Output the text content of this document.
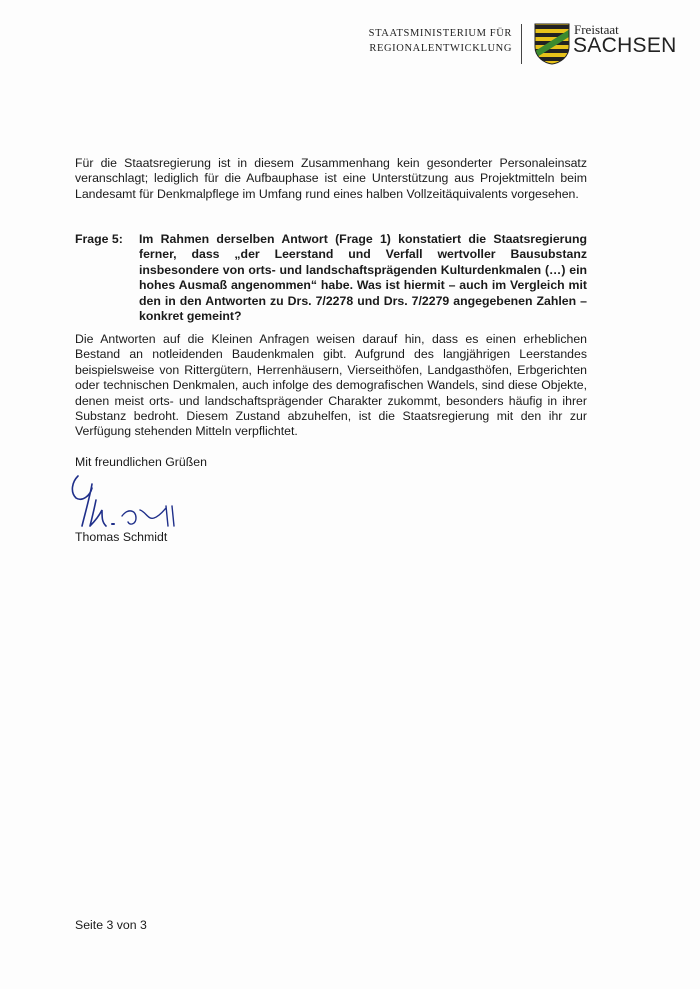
STAATSMINISTERIUM FÜR
REGIONALENTWICKLUNG
Freistaat
SACHSEN
Für die Staatsregierung ist in diesem Zusammenhang kein gesonderter Personaleinsatz veranschlagt; lediglich für die Aufbauphase ist eine Unterstützung aus Projektmitteln beim Landesamt für Denkmalpflege im Umfang rund eines halben Vollzeitäquivalents vorgesehen.
Frage 5: Im Rahmen derselben Antwort (Frage 1) konstatiert die Staatsregierung ferner, dass „der Leerstand und Verfall wertvoller Bausubstanz insbesondere von orts- und landschaftsprägenden Kulturdenkmalen (…) ein hohes Ausmaß angenommen“ habe. Was ist hiermit – auch im Vergleich mit den in den Antworten zu Drs. 7/2278 und Drs. 7/2279 angegebenen Zahlen – konkret gemeint?
Die Antworten auf die Kleinen Anfragen weisen darauf hin, dass es einen erheblichen Bestand an notleidenden Baudenkmalen gibt. Aufgrund des langjährigen Leerstandes beispielsweise von Rittergütern, Herrenhäusern, Vierseithöfen, Landgasthöfen, Erbgerichten oder technischen Denkmalen, auch infolge des demografischen Wandels, sind diese Objekte, denen meist orts- und landschaftsprägender Charakter zukommt, besonders häufig in ihrer Substanz bedroht. Diesem Zustand abzuhelfen, ist die Staatsregierung mit den ihr zur Verfügung stehenden Mitteln verpflichtet.
Mit freundlichen Grüßen
Thomas Schmidt
Seite 3 von 3
